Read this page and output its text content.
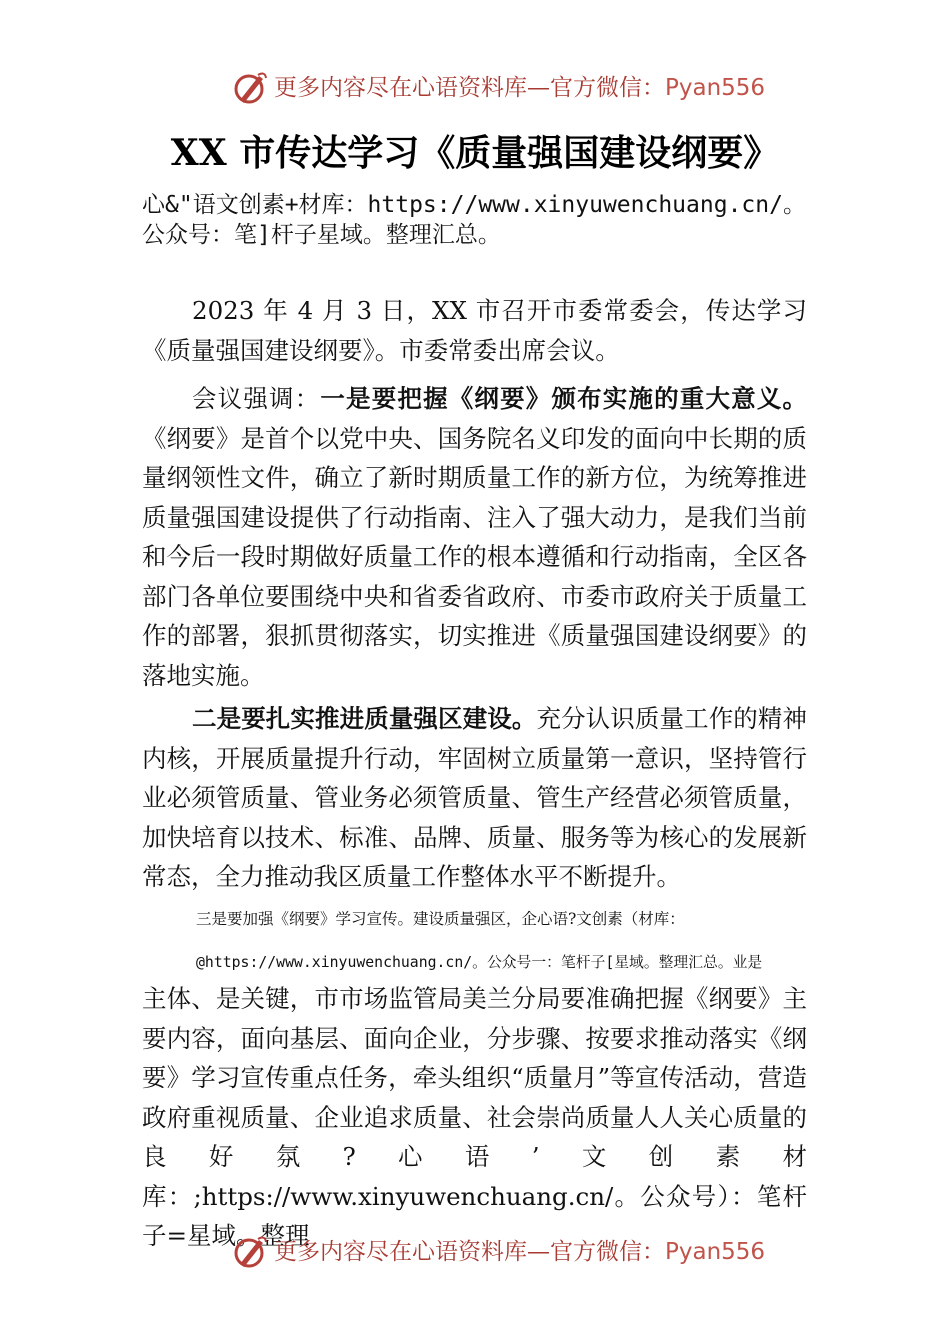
更多内容尽在心语资料库—官方微信：Pyan556
XX 市传达学习《质量强国建设纲要》
心&"语文创素+材库：https://www.xinyuwenchuang.cn/。公众号：笔]杆子星域。整理汇总。
2023 年 4 月 3 日，XX 市召开市委常委会，传达学习《质量强国建设纲要》。市委常委出席会议。
会议强调：一是要把握《纲要》颁布实施的重大意义。《纲要》是首个以党中央、国务院名义印发的面向中长期的质量纲领性文件，确立了新时期质量工作的新方位，为统筹推进质量强国建设提供了行动指南、注入了强大动力，是我们当前和今后一段时期做好质量工作的根本遵循和行动指南，全区各部门各单位要围绕中央和省委省政府、市委市政府关于质量工作的部署，狠抓贯彻落实，切实推进《质量强国建设纲要》的落地实施。
二是要扎实推进质量强区建设。充分认识质量工作的精神内核，开展质量提升行动，牢固树立质量第一意识，坚持管行业必须管质量、管业务必须管质量、管生产经营必须管质量，加快培育以技术、标准、品牌、质量、服务等为核心的发展新常态，全力推动我区质量工作整体水平不断提升。
三是要加强《纲要》学习宣传。建设质量强区，企心语?文创素（材库：
@https://www.xinyuwenchuang.cn/。公众号一：笔杆子[星域。整理汇总。业是
主体、是关键，市市场监管局美兰分局要准确把握《纲要》主要内容，面向基层、面向企业，分步骤、按要求推动落实《纲要》学习宣传重点任务，牵头组织“质量月”等宣传活动，营造政府重视质量、企业追求质量、社会崇尚质量人人关心质量的良好氛?心语’文创素材库：;https://www.xinyuwenchuang.cn/。公众号）：笔杆子=星域。整理
更多内容尽在心语资料库—官方微信：Pyan556
